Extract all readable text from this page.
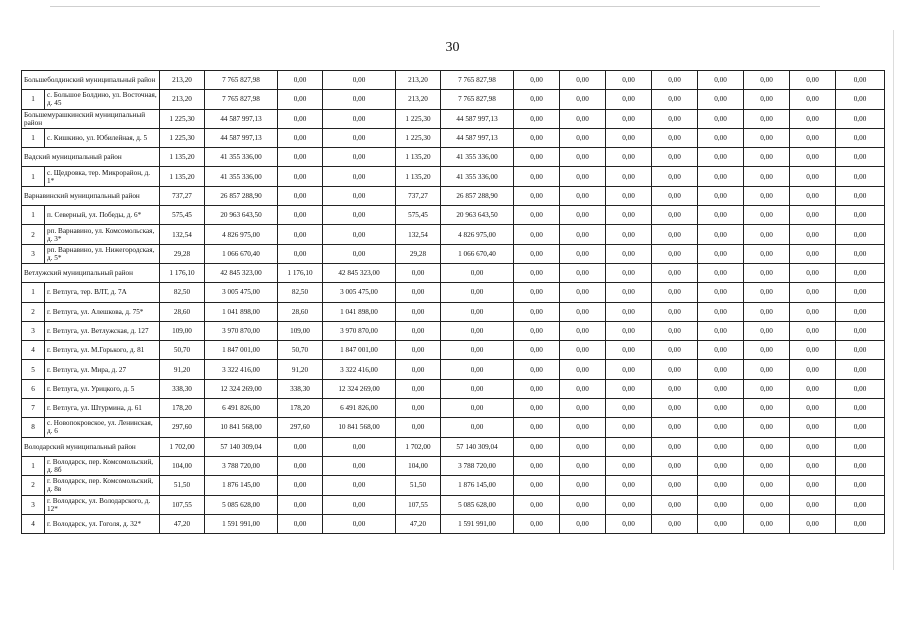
30
Большеболдинский муниципальный район		213,20	7 765 827,98	0,00	0,00	213,20	7 765 827,98	0,00	0,00	0,00	0,00	0,00	0,00	0,00	0,00
1	с. Большое Болдино, ул. Восточная, д. 45	213,20	7 765 827,98	0,00	0,00	213,20	7 765 827,98	0,00	0,00	0,00	0,00	0,00	0,00	0,00	0,00
Большемурашкинский муниципальный район		1 225,30	44 587 997,13	0,00	0,00	1 225,30	44 587 997,13	0,00	0,00	0,00	0,00	0,00	0,00	0,00	0,00
1	с. Кишкино, ул. Юбилейная, д. 5	1 225,30	44 587 997,13	0,00	0,00	1 225,30	44 587 997,13	0,00	0,00	0,00	0,00	0,00	0,00	0,00	0,00
Вадский муниципальный район		1 135,20	41 355 336,00	0,00	0,00	1 135,20	41 355 336,00	0,00	0,00	0,00	0,00	0,00	0,00	0,00	0,00
1	с. Щедровка, тер. Микрорайон, д. 1*	1 135,20	41 355 336,00	0,00	0,00	1 135,20	41 355 336,00	0,00	0,00	0,00	0,00	0,00	0,00	0,00	0,00
Варнавинский муниципальный район		737,27	26 857 288,90	0,00	0,00	737,27	26 857 288,90	0,00	0,00	0,00	0,00	0,00	0,00	0,00	0,00
1	п. Северный, ул. Победы, д. 6*	575,45	20 963 643,50	0,00	0,00	575,45	20 963 643,50	0,00	0,00	0,00	0,00	0,00	0,00	0,00	0,00
2	рп. Варнавино, ул. Комсомольская, д. 3*	132,54	4 826 975,00	0,00	0,00	132,54	4 826 975,00	0,00	0,00	0,00	0,00	0,00	0,00	0,00	0,00
3	рп. Варнавино, ул. Нижегородская, д. 5*	29,28	1 066 670,40	0,00	0,00	29,28	1 066 670,40	0,00	0,00	0,00	0,00	0,00	0,00	0,00	0,00
Ветлужский муниципальный район		1 176,10	42 845 323,00	1 176,10	42 845 323,00	0,00	0,00	0,00	0,00	0,00	0,00	0,00	0,00	0,00	0,00
1	г. Ветлуга, тер. ВЛТ, д. 7А	82,50	3 005 475,00	82,50	3 005 475,00	0,00	0,00	0,00	0,00	0,00	0,00	0,00	0,00	0,00	0,00
2	г. Ветлуга, ул. Алешкова, д. 75*	28,60	1 041 898,00	28,60	1 041 898,00	0,00	0,00	0,00	0,00	0,00	0,00	0,00	0,00	0,00	0,00
3	г. Ветлуга, ул. Ветлужская, д. 127	109,00	3 970 870,00	109,00	3 970 870,00	0,00	0,00	0,00	0,00	0,00	0,00	0,00	0,00	0,00	0,00
4	г. Ветлуга, ул. М.Горького, д. 81	50,70	1 847 001,00	50,70	1 847 001,00	0,00	0,00	0,00	0,00	0,00	0,00	0,00	0,00	0,00	0,00
5	г. Ветлуга, ул. Мира, д. 27	91,20	3 322 416,00	91,20	3 322 416,00	0,00	0,00	0,00	0,00	0,00	0,00	0,00	0,00	0,00	0,00
6	г. Ветлуга, ул. Урицкого, д. 5	338,30	12 324 269,00	338,30	12 324 269,00	0,00	0,00	0,00	0,00	0,00	0,00	0,00	0,00	0,00	0,00
7	г. Ветлуга, ул. Штурмина, д. 61	178,20	6 491 826,00	178,20	6 491 826,00	0,00	0,00	0,00	0,00	0,00	0,00	0,00	0,00	0,00	0,00
8	с. Новопокровское, ул. Ленинская, д. 6	297,60	10 841 568,00	297,60	10 841 568,00	0,00	0,00	0,00	0,00	0,00	0,00	0,00	0,00	0,00	0,00
Володарский муниципальный район		1 702,00	57 140 309,04	0,00	0,00	1 702,00	57 140 309,04	0,00	0,00	0,00	0,00	0,00	0,00	0,00	0,00
1	г. Володарск, пер. Комсомольский, д. 8б	104,00	3 788 720,00	0,00	0,00	104,00	3 788 720,00	0,00	0,00	0,00	0,00	0,00	0,00	0,00	0,00
2	г. Володарск, пер. Комсомольский, д. 8в	51,50	1 876 145,00	0,00	0,00	51,50	1 876 145,00	0,00	0,00	0,00	0,00	0,00	0,00	0,00	0,00
3	г. Володарск, ул. Володарского, д. 12*	107,55	5 085 628,00	0,00	0,00	107,55	5 085 628,00	0,00	0,00	0,00	0,00	0,00	0,00	0,00	0,00
4	г. Володарск, ул. Гоголя, д. 32*	47,20	1 591 991,00	0,00	0,00	47,20	1 591 991,00	0,00	0,00	0,00	0,00	0,00	0,00	0,00	0,00
